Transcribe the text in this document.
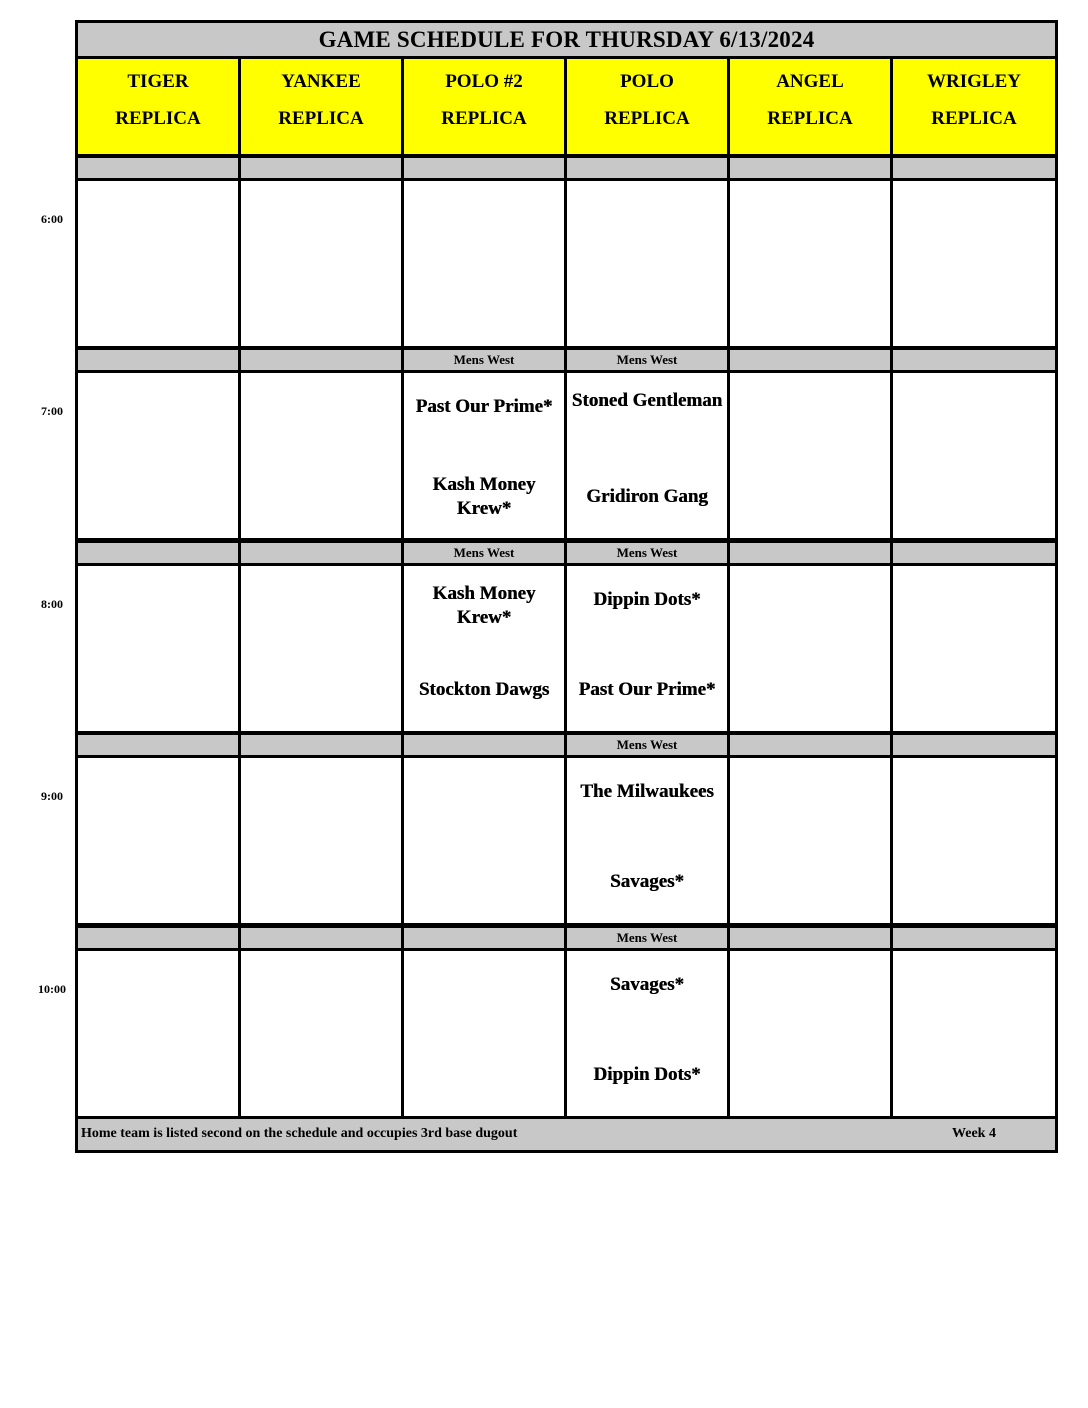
GAME SCHEDULE FOR THURSDAY 6/13/2024
TIGER
REPLICA
YANKEE
REPLICA
POLO #2
REPLICA
POLO
REPLICA
ANGEL
REPLICA
WRIGLEY
REPLICA
Mens West
Past Our Prime*
Kash Money Krew*
Mens West
Stoned Gentleman
Gridiron Gang
Mens West
Kash Money Krew*
Stockton Dawgs
Mens West
Dippin Dots*
Past Our Prime*
Mens West
The Milwaukees
Savages*
Mens West
Savages*
Dippin Dots*
Home team is listed second on the schedule and occupies 3rd base dugout	Week 4
6:00
7:00
8:00
9:00
10:00
